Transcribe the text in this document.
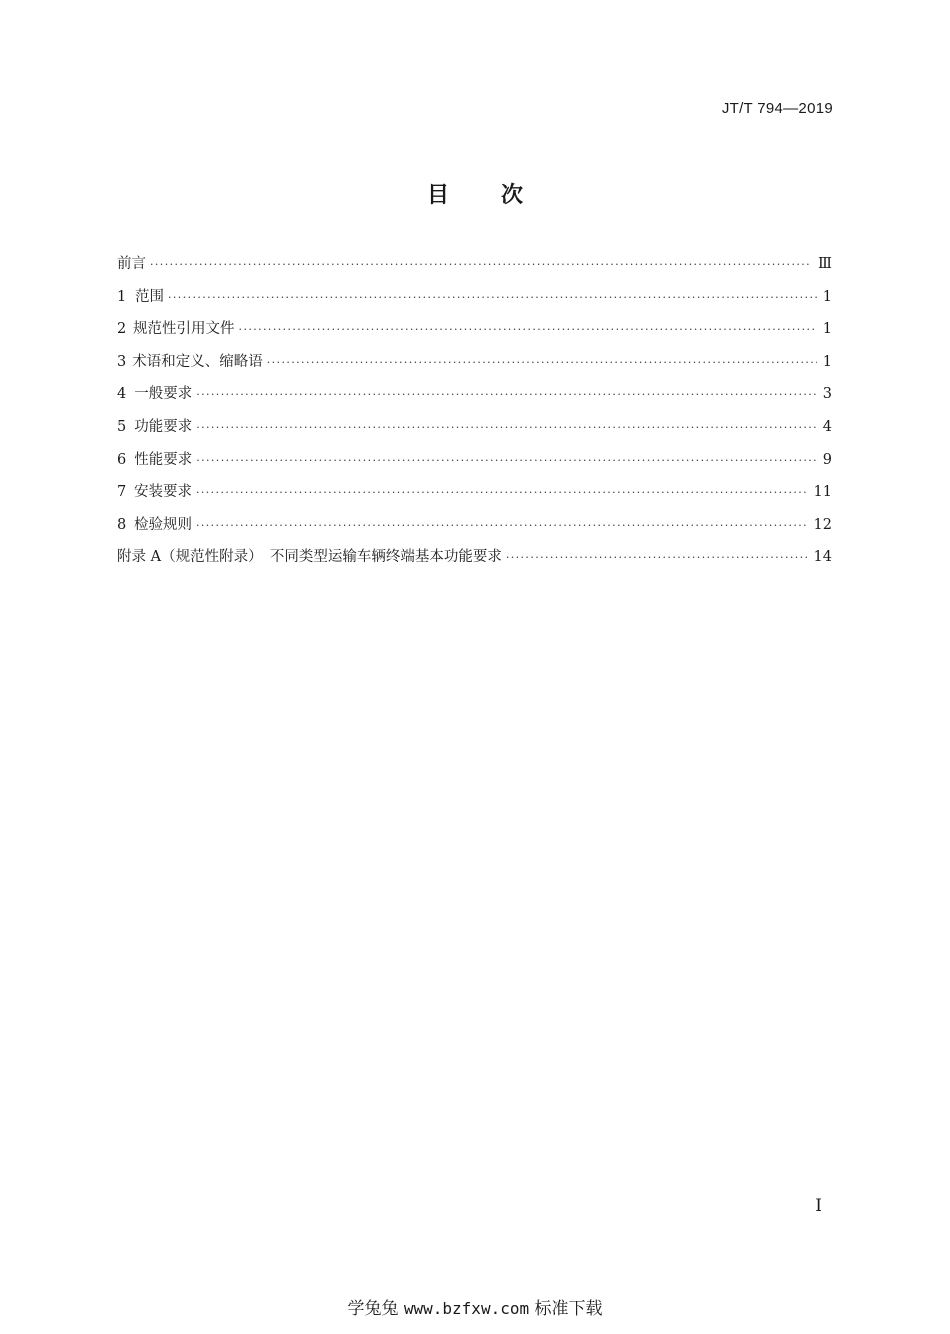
JT/T 794—2019
目 次
前言 ·····	Ⅲ
1 范围 ·····	1
2 规范性引用文件 ·····	1
3 术语和定义、缩略语 ·····	1
4 一般要求 ·····	3
5 功能要求 ·····	4
6 性能要求 ·····	9
7 安装要求 ·····	11
8 检验规则 ·····	12
附录 A（规范性附录）　不同类型运输车辆终端基本功能要求 ·····	14
I
学兔兔 www.bzfxw.com 标准下载
